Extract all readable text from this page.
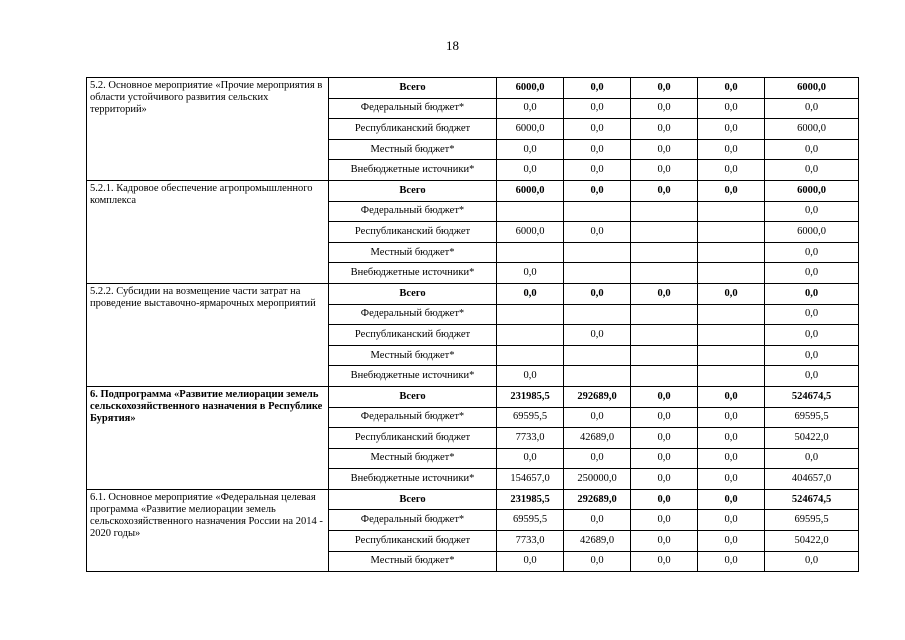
18
5.2. Основное мероприятие «Прочие мероприятия в области устойчивого развития сельских территорий»	Всего	6000,0	0,0	0,0	0,0	6000,0
	Федеральный бюджет*	0,0	0,0	0,0	0,0	0,0
	Республиканский бюджет	6000,0	0,0	0,0	0,0	6000,0
	Местный бюджет*	0,0	0,0	0,0	0,0	0,0
	Внебюджетные источники*	0,0	0,0	0,0	0,0	0,0
5.2.1. Кадровое обеспечение агропромышленного комплекса	Всего	6000,0	0,0	0,0	0,0	6000,0
	Федеральный бюджет*					0,0
	Республиканский бюджет	6000,0	0,0			6000,0
	Местный бюджет*					0,0
	Внебюджетные источники*	0,0				0,0
5.2.2. Субсидии на возмещение части затрат на проведение выставочно-ярмарочных мероприятий	Всего	0,0	0,0	0,0	0,0	0,0
	Федеральный бюджет*					0,0
	Республиканский бюджет		0,0			0,0
	Местный бюджет*					0,0
	Внебюджетные источники*	0,0				0,0
6. Подпрограмма «Развитие мелиорации земель сельскохозяйственного назначения в Республике Бурятия»	Всего	231985,5	292689,0	0,0	0,0	524674,5
	Федеральный бюджет*	69595,5	0,0	0,0	0,0	69595,5
	Республиканский бюджет	7733,0	42689,0	0,0	0,0	50422,0
	Местный бюджет*	0,0	0,0	0,0	0,0	0,0
	Внебюджетные источники*	154657,0	250000,0	0,0	0,0	404657,0
6.1. Основное мероприятие «Федеральная целевая программа «Развитие мелиорации земель сельскохозяйственного назначения России на 2014 - 2020 годы»	Всего	231985,5	292689,0	0,0	0,0	524674,5
	Федеральный бюджет*	69595,5	0,0	0,0	0,0	69595,5
	Республиканский бюджет	7733,0	42689,0	0,0	0,0	50422,0
	Местный бюджет*	0,0	0,0	0,0	0,0	0,0
